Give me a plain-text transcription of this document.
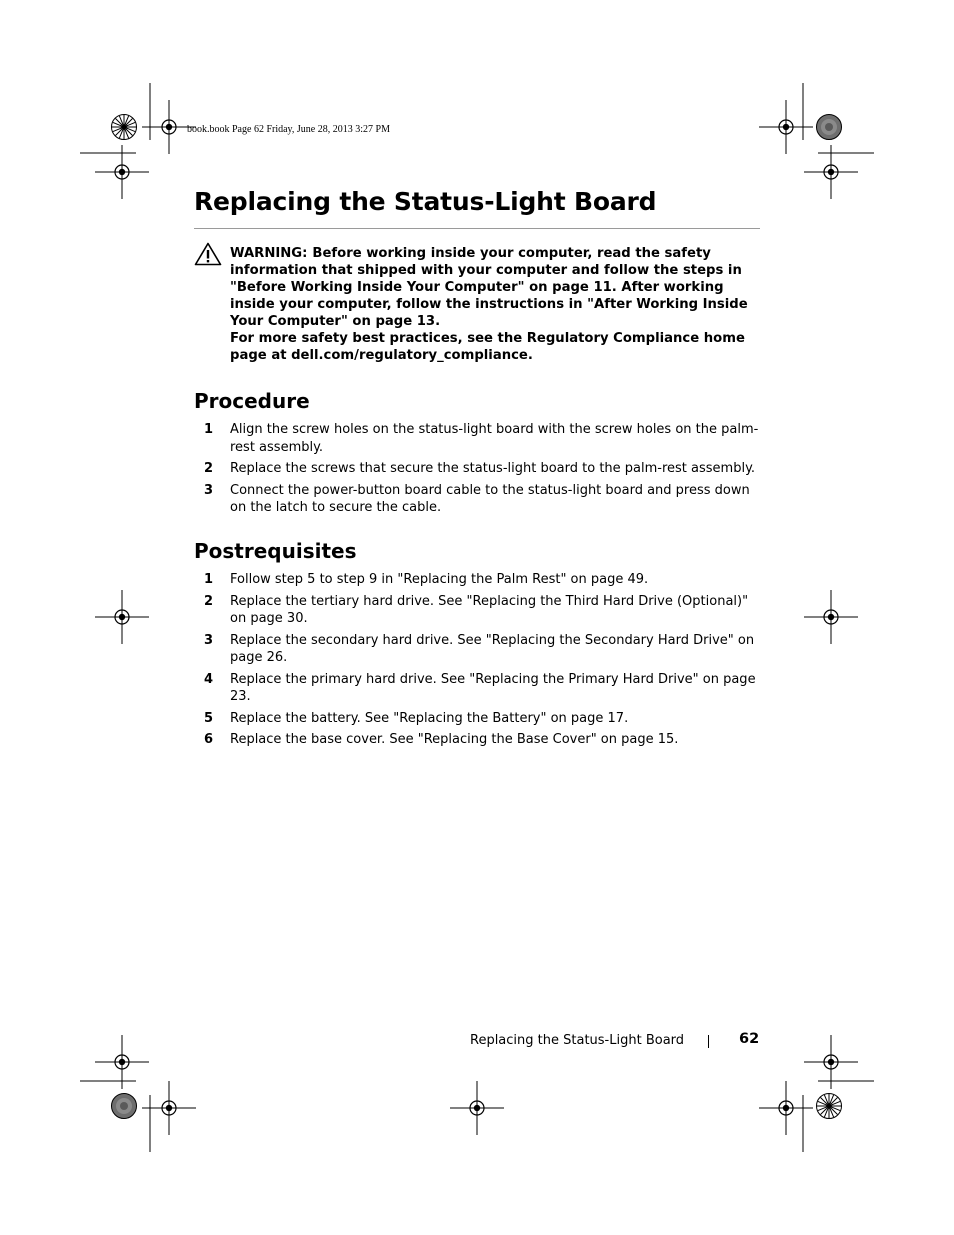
book.book Page 62 Friday, June 28, 2013 3:27 PM
Replacing the Status-Light Board

WARNING: Before working inside your computer, read the safety information that shipped with your computer and follow the steps in "Before Working Inside Your Computer" on page 11. After working inside your computer, follow the instructions in "After Working Inside Your Computer" on page 13.

For more safety best practices, see the Regulatory Compliance home page at dell.com/regulatory_compliance.

Procedure
1 Align the screw holes on the status-light board with the screw holes on the palm-rest assembly.
2 Replace the screws that secure the status-light board to the palm-rest assembly.
3 Connect the power-button board cable to the status-light board and press down on the latch to secure the cable.
Postrequisites
1 Follow step 5 to step 9 in "Replacing the Palm Rest" on page 49.
2 Replace the tertiary hard drive. See "Replacing the Third Hard Drive (Optional)" on page 30.
3 Replace the secondary hard drive. See "Replacing the Secondary Hard Drive" on page 26.
4 Replace the primary hard drive. See "Replacing the Primary Hard Drive" on page 23.
5 Replace the battery. See "Replacing the Battery" on page 17.
6 Replace the base cover. See "Replacing the Base Cover" on page 15.
Replacing the Status-Light Board	62
